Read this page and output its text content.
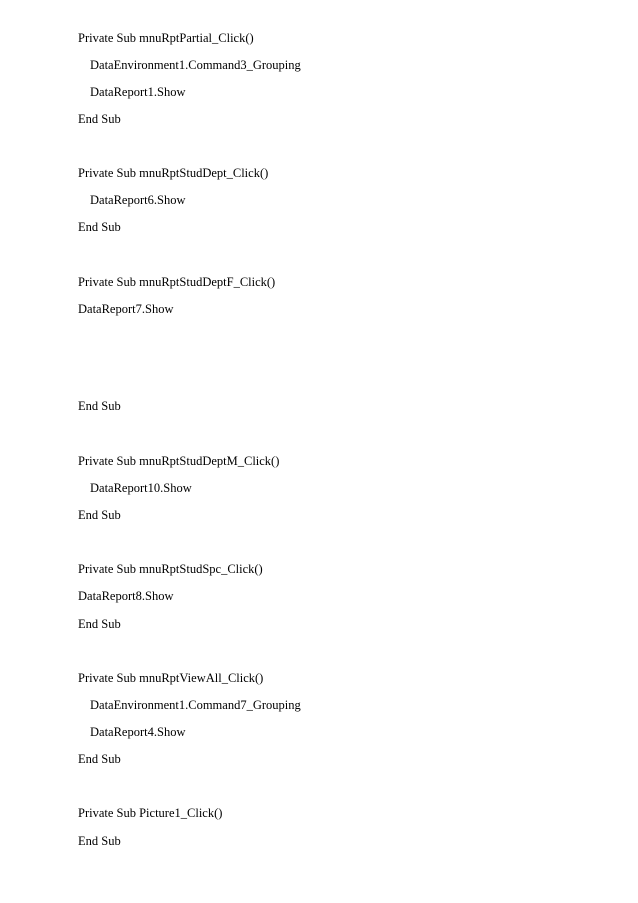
Private Sub mnuRptPartial_Click()
DataEnvironment1.Command3_Grouping
DataReport1.Show
End Sub
Private Sub mnuRptStudDept_Click()
DataReport6.Show
End Sub
Private Sub mnuRptStudDeptF_Click()
DataReport7.Show
End Sub
Private Sub mnuRptStudDeptM_Click()
DataReport10.Show
End Sub
Private Sub mnuRptStudSpc_Click()
DataReport8.Show
End Sub
Private Sub mnuRptViewAll_Click()
DataEnvironment1.Command7_Grouping
DataReport4.Show
End Sub
Private Sub Picture1_Click()
End Sub
